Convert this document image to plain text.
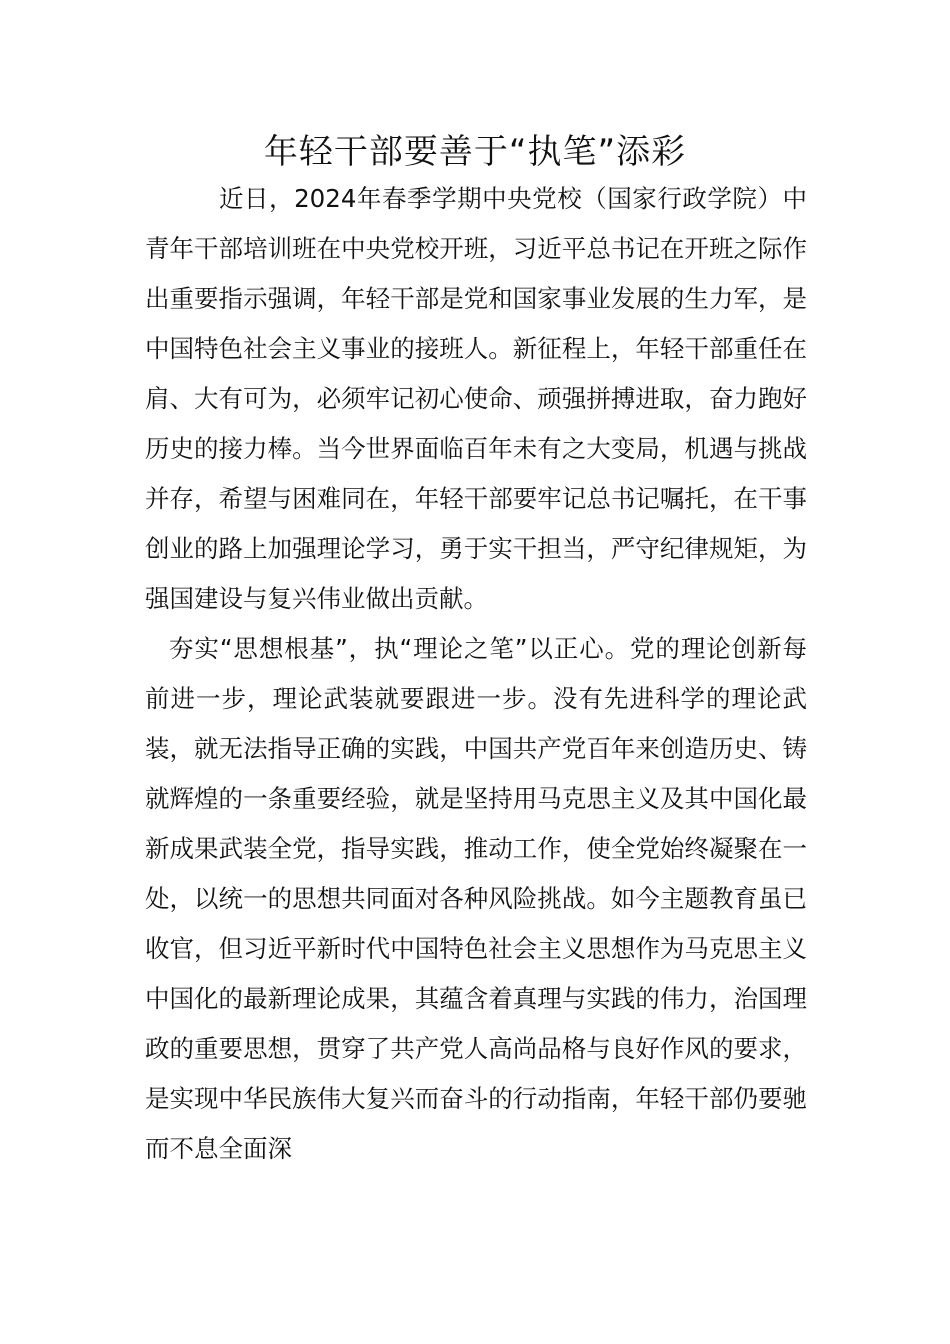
年轻干部要善于“执笔”添彩

近日，2024年春季学期中央党校（国家行政学院）中青年干部培训班在中央党校开班，习近平总书记在开班之际作出重要指示强调，年轻干部是党和国家事业发展的生力军，是中国特色社会主义事业的接班人。新征程上，年轻干部重任在肩、大有可为，必须牢记初心使命、顽强拼搏进取，奋力跑好历史的接力棒。当今世界面临百年未有之大变局，机遇与挑战并存，希望与困难同在，年轻干部要牢记总书记嘱托，在干事创业的路上加强理论学习，勇于实干担当，严守纪律规矩，为强国建设与复兴伟业做出贡献。

夯实“思想根基”，执“理论之笔”以正心。党的理论创新每前进一步，理论武装就要跟进一步。没有先进科学的理论武装，就无法指导正确的实践，中国共产党百年来创造历史、铸就辉煌的一条重要经验，就是坚持用马克思主义及其中国化最新成果武装全党，指导实践，推动工作，使全党始终凝聚在一处，以统一的思想共同面对各种风险挑战。如今主题教育虽已收官，但习近平新时代中国特色社会主义思想作为马克思主义中国化的最新理论成果，其蕴含着真理与实践的伟力，治国理政的重要思想，贯穿了共产党人高尚品格与良好作风的要求，是实现中华民族伟大复兴而奋斗的行动指南，年轻干部仍要驰而不息全面深
